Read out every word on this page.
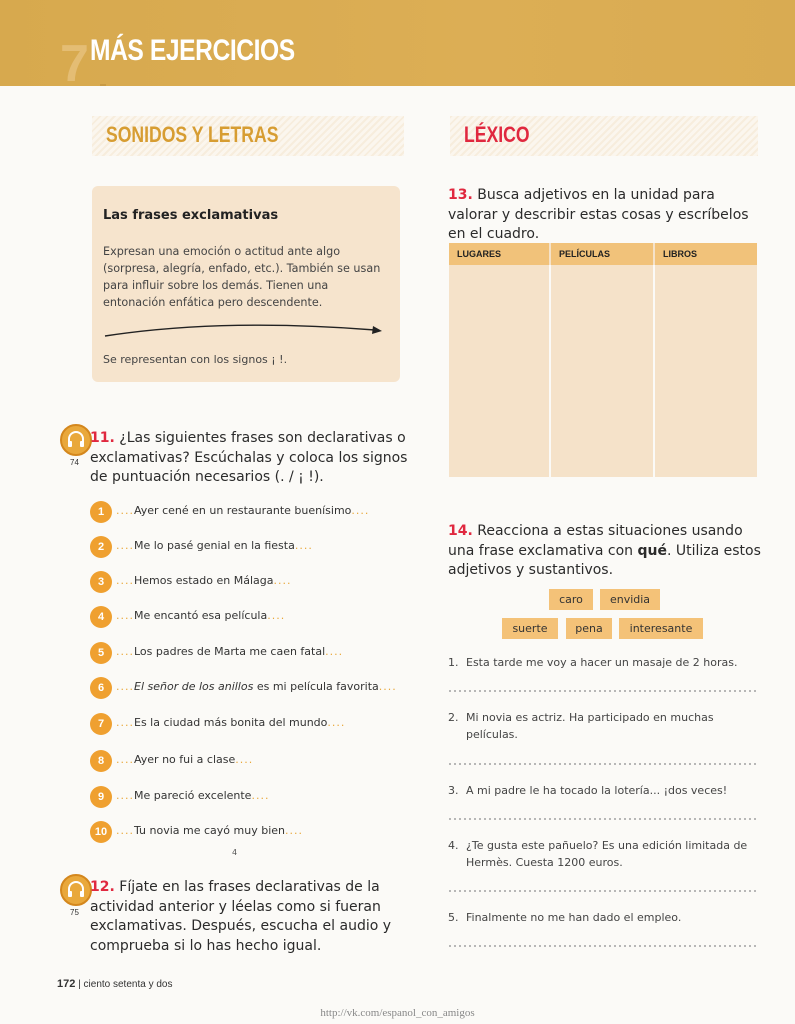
7 MÁS EJERCICIOS
SONIDOS Y LETRAS	LÉXICO
Las frases exclamativas
Expresan una emoción o actitud ante algo (sorpresa, alegría, enfado, etc.). También se usan para influir sobre los demás. Tienen una entonación enfática pero descendente.
Se representan con los signos ¡ !.
74
11. ¿Las siguientes frases son declarativas o exclamativas? Escúchalas y coloca los signos de puntuación necesarios (. / ¡ !).
1	....Ayer cené en un restaurante buenísimo....
2	....Me lo pasé genial en la fiesta....
3	....Hemos estado en Málaga....
4	....Me encantó esa película....
5	....Los padres de Marta me caen fatal....
6	....El señor de los anillos es mi película favorita....
7	....Es la ciudad más bonita del mundo....
8	....Ayer no fui a clase....
9	....Me pareció excelente....
10 ....Tu novia me cayó muy bien....
4
75
12. Fíjate en las frases declarativas de la actividad anterior y léelas como si fueran exclamativas. Después, escucha el audio y comprueba si lo has hecho igual.
13. Busca adjetivos en la unidad para valorar y describir estas cosas y escríbelos en el cuadro.
LUGARES	PELÍCULAS	LIBROS
14. Reacciona a estas situaciones usando una frase exclamativa con qué. Utiliza estos adjetivos y sustantivos.
caro	envidia
suerte	pena	interesante
1. Esta tarde me voy a hacer un masaje de 2 horas.
2. Mi novia es actriz. Ha participado en muchas películas.
3. A mi padre le ha tocado la lotería... ¡dos veces!
4. ¿Te gusta este pañuelo? Es una edición limitada de Hermès. Cuesta 1200 euros.
5. Finalmente no me han dado el empleo.
172 | ciento setenta y dos
http://vk.com/espanol_con_amigos
